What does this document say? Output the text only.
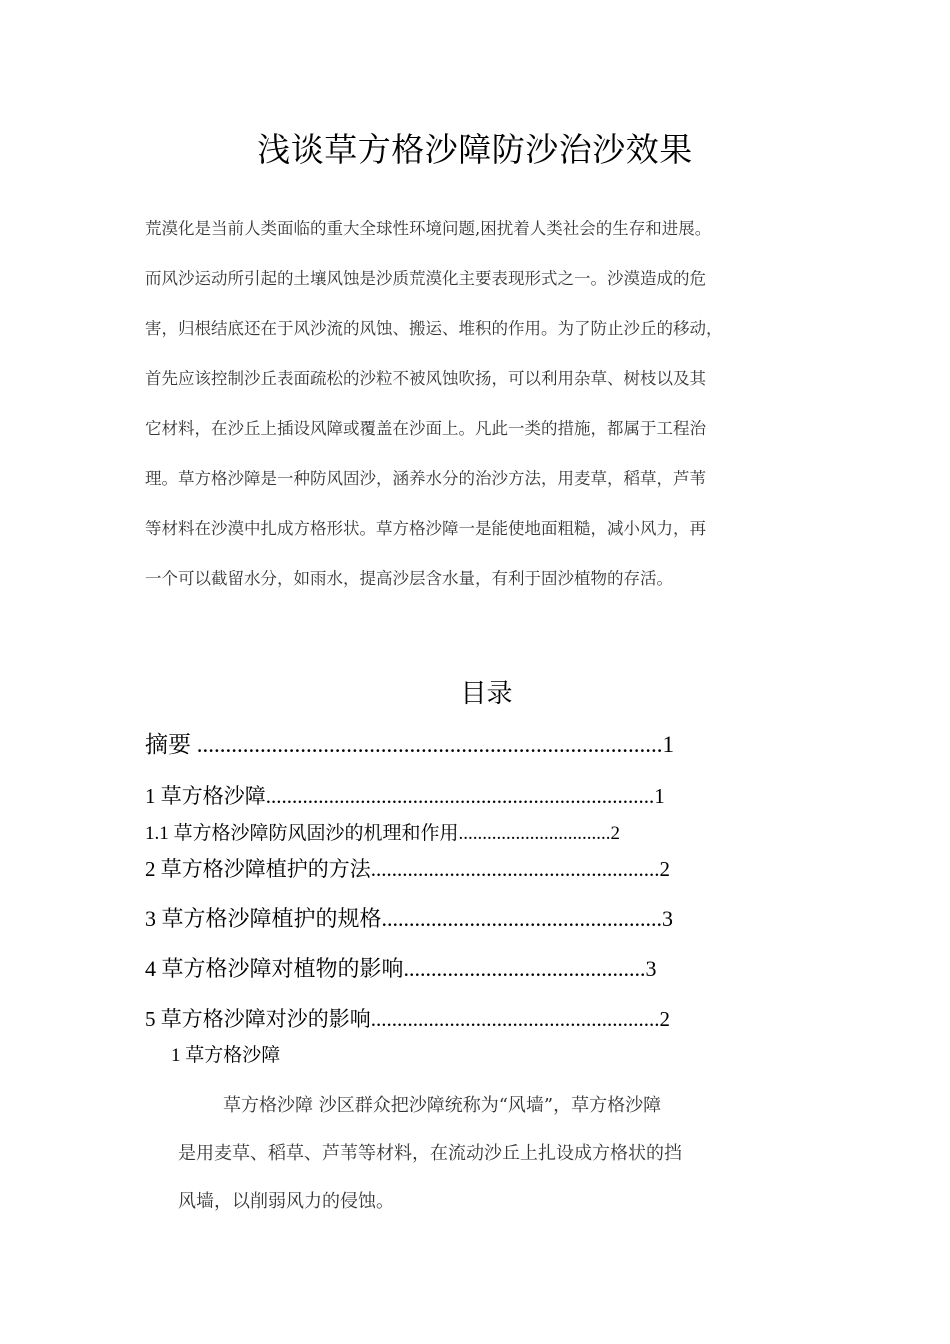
浅谈草方格沙障防沙治沙效果

荒漠化是当前人类面临的重大全球性环境问题,困扰着人类社会的生存和进展。

而风沙运动所引起的土壤风蚀是沙质荒漠化主要表现形式之一。沙漠造成的危

害，归根结底还在于风沙流的风蚀、搬运、堆积的作用。为了防止沙丘的移动，

首先应该控制沙丘表面疏松的沙粒不被风蚀吹扬，可以利用杂草、树枝以及其

它材料，在沙丘上插设风障或覆盖在沙面上。凡此一类的措施，都属于工程治

理。草方格沙障是一种防风固沙，涵养水分的治沙方法，用麦草，稻草，芦苇

等材料在沙漠中扎成方格形状。草方格沙障一是能使地面粗糙，减小风力，再

一个可以截留水分，如雨水，提高沙层含水量，有利于固沙植物的存活。

目录
摘要 .................................................................................1
1 草方格沙障..........................................................................1
1.1 草方格沙障防风固沙的机理和作用................................2
2 草方格沙障植护的方法.......................................................2
3 草方格沙障植护的规格...................................................3
4 草方格沙障对植物的影响............................................3
5 草方格沙障对沙的影响.......................................................2
1 草方格沙障

草方格沙障 沙区群众把沙障统称为“风墙”，草方格沙障

是用麦草、稻草、芦苇等材料，在流动沙丘上扎设成方格状的挡

风墙，以削弱风力的侵蚀。
